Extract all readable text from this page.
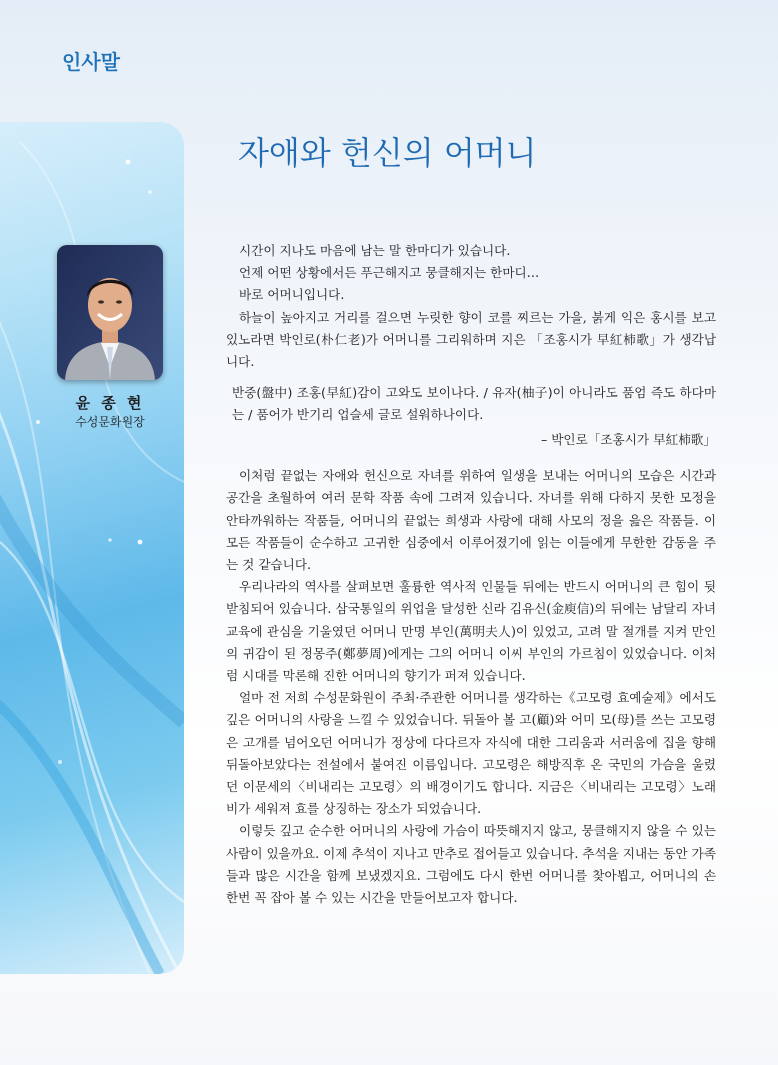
인사말
윤 종 현
수성문화원장
자애와 헌신의 어머니

시간이 지나도 마음에 남는 말 한마디가 있습니다.

언제 어떤 상황에서든 푸근해지고 뭉클해지는 한마디…

바로 어머니입니다.

하늘이 높아지고 거리를 걸으면 누릿한 향이 코를 찌르는 가을, 붉게 익은 홍시를 보고 있노라면 박인로(朴仁老)가 어머니를 그리워하며 지은 「조홍시가 早紅柿歌」가 생각납니다.

반중(盤中) 조홍(早紅)감이 고와도 보이나다. / 유자(柚子)이 아니라도 품엄 즉도 하다마는 / 품어가 반기리 업슬세 글로 설워하나이다.

– 박인로「조홍시가 早紅柿歌」

이처럼 끝없는 자애와 헌신으로 자녀를 위하여 일생을 보내는 어머니의 모습은 시간과 공간을 초월하여 여러 문학 작품 속에 그려져 있습니다. 자녀를 위해 다하지 못한 모정을 안타까워하는 작품들, 어머니의 끝없는 희생과 사랑에 대해 사모의 정을 읊은 작품들. 이 모든 작품들이 순수하고 고귀한 심중에서 이루어졌기에 읽는 이들에게 무한한 감동을 주는 것 같습니다.

우리나라의 역사를 살펴보면 훌륭한 역사적 인물들 뒤에는 반드시 어머니의 큰 힘이 뒷받침되어 있습니다. 삼국통일의 위업을 달성한 신라 김유신(金庾信)의 뒤에는 남달리 자녀 교육에 관심을 기울였던 어머니 만명 부인(萬明夫人)이 있었고, 고려 말 절개를 지켜 만인의 귀감이 된 정몽주(鄭夢周)에게는 그의 어머니 이씨 부인의 가르침이 있었습니다. 이처럼 시대를 막론해 진한 어머니의 향기가 퍼져 있습니다.

얼마 전 저희 수성문화원이 주최·주관한 어머니를 생각하는《고모령 효예술제》에서도 깊은 어머니의 사랑을 느낄 수 있었습니다. 뒤돌아 볼 고(顧)와 어미 모(母)를 쓰는 고모령은 고개를 넘어오던 어머니가 정상에 다다르자 자식에 대한 그리움과 서러움에 집을 향해 뒤돌아보았다는 전설에서 붙여진 이름입니다. 고모령은 해방직후 온 국민의 가슴을 울렸던 이문세의〈비내리는 고모령〉의 배경이기도 합니다. 지금은〈비내리는 고모령〉노래비가 세워져 효를 상징하는 장소가 되었습니다.

이렇듯 깊고 순수한 어머니의 사랑에 가슴이 따뜻해지지 않고, 뭉클해지지 않을 수 있는 사람이 있을까요. 이제 추석이 지나고 만추로 접어들고 있습니다. 추석을 지내는 동안 가족들과 많은 시간을 함께 보냈겠지요. 그럼에도 다시 한번 어머니를 찾아뵙고, 어머니의 손 한번 꼭 잡아 볼 수 있는 시간을 만들어보고자 합니다.
